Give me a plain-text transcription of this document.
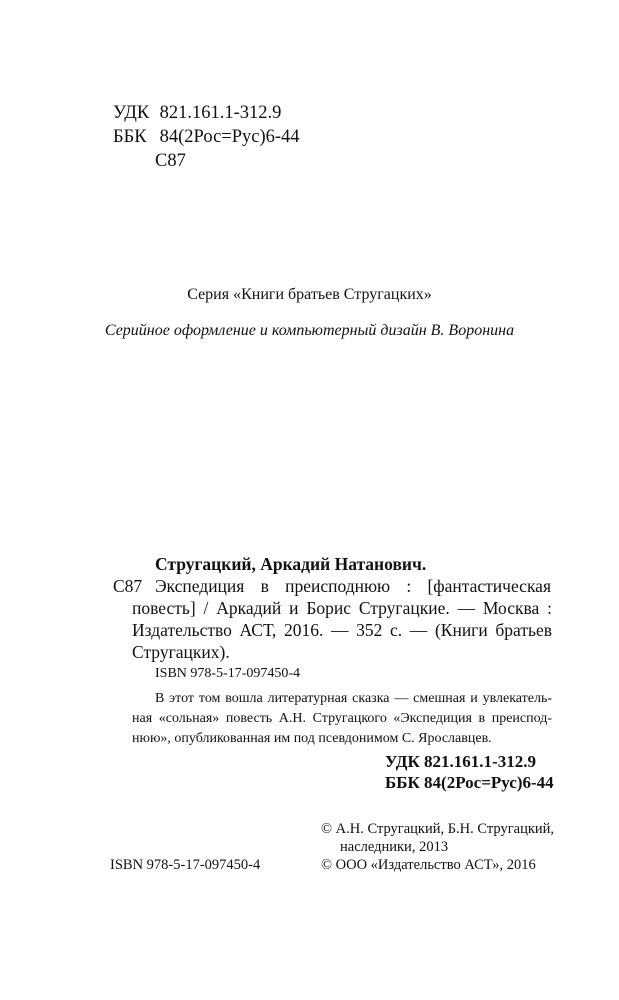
УДК 821.161.1-312.9
ББК 84(2Рос=Рус)6-44
С87
Серия «Книги братьев Стругацких»
Серийное оформление и компьютерный дизайн В. Воронина
Стругацкий, Аркадий Натанович.
С87 Экспедиция в преисподнюю : [фантастическая
повесть] / Аркадий и Борис Стругацкие. — Москва :
Издательство АСТ, 2016. — 352 с. — (Книги братьев
Стругацких).
ISBN 978-5-17-097450-4
В этот том вошла литературная сказка — смешная и увлекатель-
ная «сольная» повесть А.Н. Стругацкого «Экспедиция в преиспод-
нюю», опубликованная им под псевдонимом С. Ярославцев.
УДК 821.161.1-312.9
ББК 84(2Рос=Рус)6-44
© А.Н. Стругацкий, Б.Н. Стругацкий,
наследники, 2013
© ООО «Издательство АСТ», 2016
ISBN 978-5-17-097450-4
